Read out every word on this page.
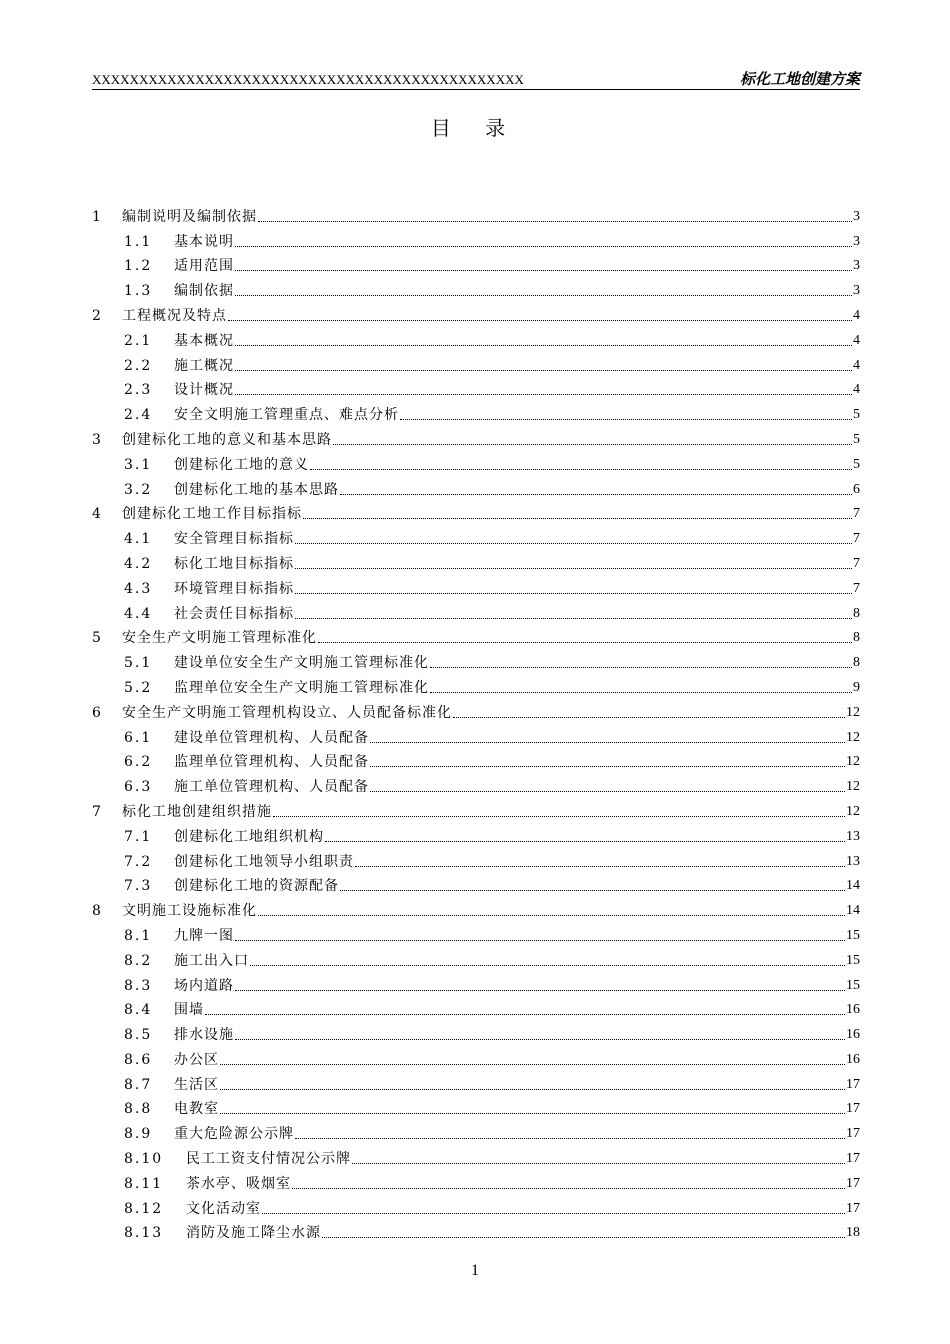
XXXXXXXXXXXXXXXXXXXXXXXXXXXXXXXXXXXXXXXXXXXXXX	标化工地创建方案
目 录
1	编制说明及编制依据	3
1.1	基本说明	3
1.2	适用范围	3
1.3	编制依据	3
2	工程概况及特点	4
2.1	基本概况	4
2.2	施工概况	4
2.3	设计概况	4
2.4	安全文明施工管理重点、难点分析	5
3	创建标化工地的意义和基本思路	5
3.1	创建标化工地的意义	5
3.2	创建标化工地的基本思路	6
4	创建标化工地工作目标指标	7
4.1	安全管理目标指标	7
4.2	标化工地目标指标	7
4.3	环境管理目标指标	7
4.4	社会责任目标指标	8
5	安全生产文明施工管理标准化	8
5.1	建设单位安全生产文明施工管理标准化	8
5.2	监理单位安全生产文明施工管理标准化	9
6	安全生产文明施工管理机构设立、人员配备标准化	12
6.1	建设单位管理机构、人员配备	12
6.2	监理单位管理机构、人员配备	12
6.3	施工单位管理机构、人员配备	12
7	标化工地创建组织措施	12
7.1	创建标化工地组织机构	13
7.2	创建标化工地领导小组职责	13
7.3	创建标化工地的资源配备	14
8	文明施工设施标准化	14
8.1	九牌一图	15
8.2	施工出入口	15
8.3	场内道路	15
8.4	围墙	16
8.5	排水设施	16
8.6	办公区	16
8.7	生活区	17
8.8	电教室	17
8.9	重大危险源公示牌	17
8.10	民工工资支付情况公示牌	17
8.11	茶水亭、吸烟室	17
8.12	文化活动室	17
8.13	消防及施工降尘水源	18
1
